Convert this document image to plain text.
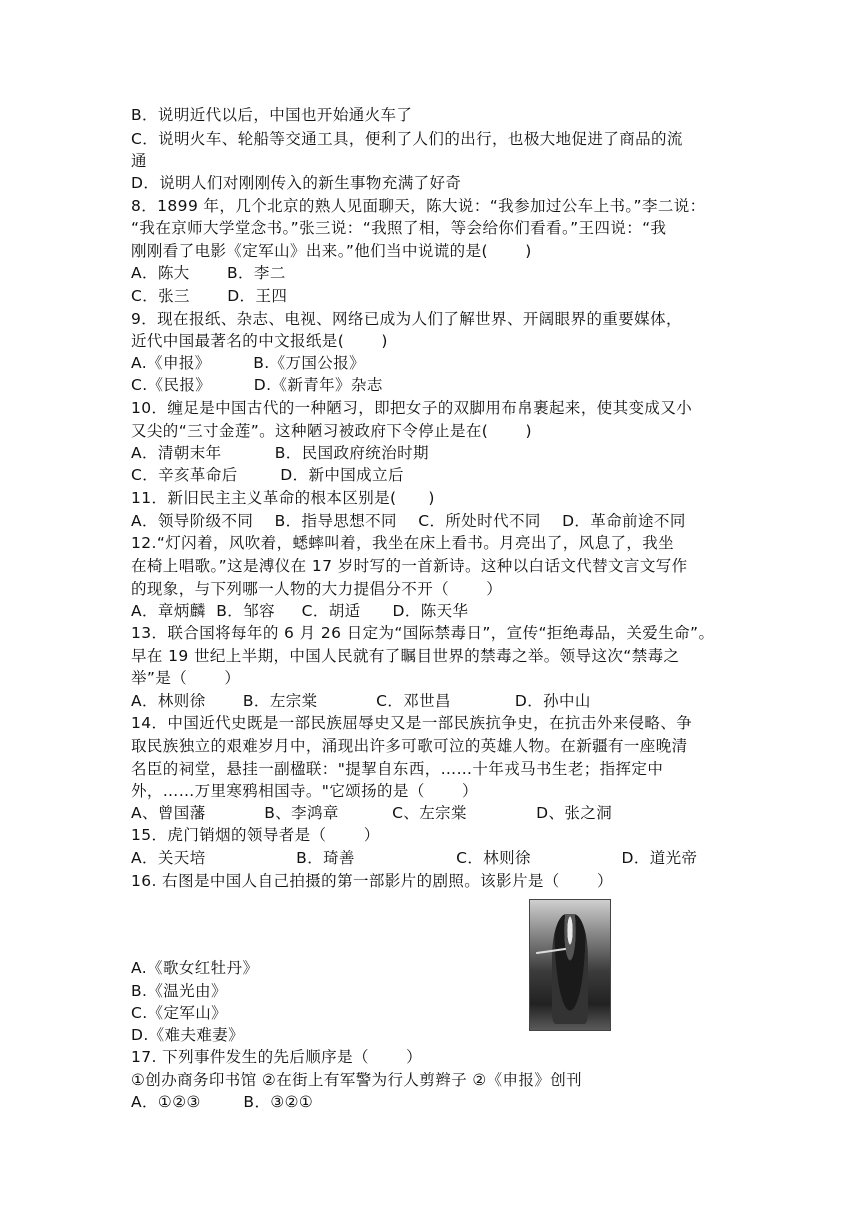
B．说明近代以后，中国也开始通火车了
C．说明火车、轮船等交通工具，便利了人们的出行，也极大地促进了商品的流
通
D．说明人们对刚刚传入的新生事物充满了好奇
8．1899 年，几个北京的熟人见面聊天，陈大说：“我参加过公车上书。”李二说：
“我在京师大学堂念书。”张三说：“我照了相，等会给你们看看。”王四说：“我
刚刚看了电影《定军山》出来。”他们当中说谎的是(       )
A．陈大       B．李二
C．张三       D．王四
9．现在报纸、杂志、电视、网络已成为人们了解世界、开阔眼界的重要媒体，
近代中国最著名的中文报纸是(       )
A.《申报》        B.《万国公报》
C.《民报》        D.《新青年》杂志
10．缠足是中国古代的一种陋习，即把女子的双脚用布帛裹起来，使其变成又小
又尖的“三寸金莲”。这种陋习被政府下令停止是在(       )
A．清朝末年          B．民国政府统治时期
C．辛亥革命后        D．新中国成立后
11．新旧民主主义革命的根本区别是(      )
A．领导阶级不同    B．指导思想不同    C．所处时代不同    D．革命前途不同
12.“灯闪着，风吹着，蟋蟀叫着，我坐在床上看书。月亮出了，风息了，我坐
在椅上唱歌。”这是溥仪在 17 岁时写的一首新诗。这种以白话文代替文言文写作
的现象，与下列哪一人物的大力提倡分不开（       ）
A．章炳麟  B．邹容     C．胡适      D．陈天华
13．联合国将每年的 6 月 26 日定为“国际禁毒日”，宣传“拒绝毒品，关爱生命”。
早在 19 世纪上半期，中国人民就有了瞩目世界的禁毒之举。领导这次“禁毒之
举”是（       ）
A．林则徐       B．左宗棠           C．邓世昌            D．孙中山
14．中国近代史既是一部民族屈辱史又是一部民族抗争史，在抗击外来侵略、争
取民族独立的艰难岁月中，涌现出许多可歌可泣的英雄人物。在新疆有一座晚清
名臣的祠堂，悬挂一副楹联："提挈自东西，……十年戎马书生老；指挥定中
外，……万里寒鸦相国寺。"它颂扬的是（       ）
A、曾国藩           B、李鸿章          C、左宗棠             D、张之洞
15．虎门销烟的领导者是（       ）
A．关天培                 B．琦善                   C．林则徐                 D．道光帝
16. 右图是中国人自己拍摄的第一部影片的剧照。该影片是（       ）
A.《歌女红牡丹》
B.《温光由》
C.《定军山》
D.《难夫难妻》
17. 下列事件发生的先后顺序是（       ）
①创办商务印书馆 ②在街上有军警为行人剪辫子 ②《申报》创刊
A．①②③        B．③②①
